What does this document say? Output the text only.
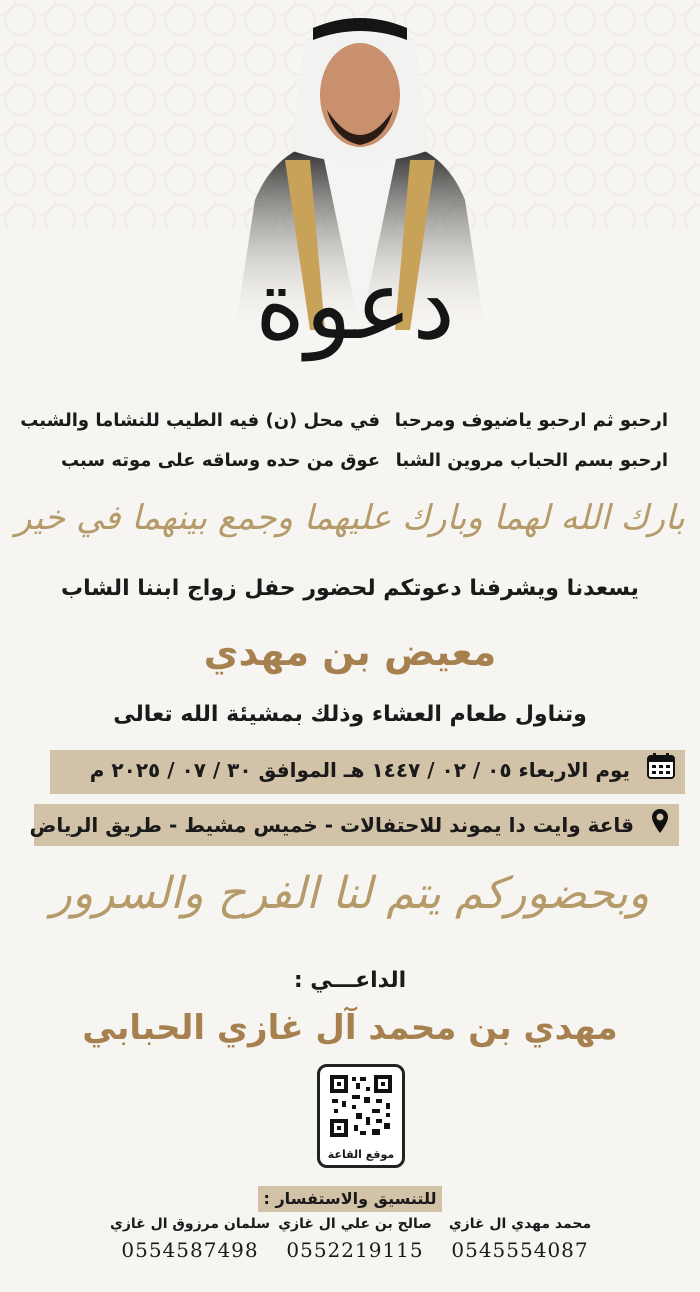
دعوة
ارحبو ثم ارحبو ياضيوف ومرحبا
في محل (ن) فيه الطيب للنشاما والشبب
ارحبو بسم الحباب مروين الشبا
عوق من حده وساقه على موته سبب
بارك الله لهما وبارك عليهما وجمع بينهما في خير
يسعدنا ويشرفنا دعوتكم لحضور حفل زواج ابننا الشاب
معيض بن مهدي
وتناول طعام العشاء وذلك بمشيئة الله تعالى
يوم الاربعاء ٠٥ / ٠٢ / ١٤٤٧ هـ الموافق ٣٠ / ٠٧ / ٢٠٢٥ م
قاعة وايت دا يموند للاحتفالات - خميس مشيط - طريق الرياض
وبحضوركم يتم لنا الفرح والسرور
الداعـــي :
مهدي بن محمد آل غازي الحبابي
موقع القاعة
للتنسيق والاستفسار :
محمد مهدي ال غازي
0545554087
صالح بن علي ال غازي
0552219115
سلمان مرزوق ال غازي
0554587498
